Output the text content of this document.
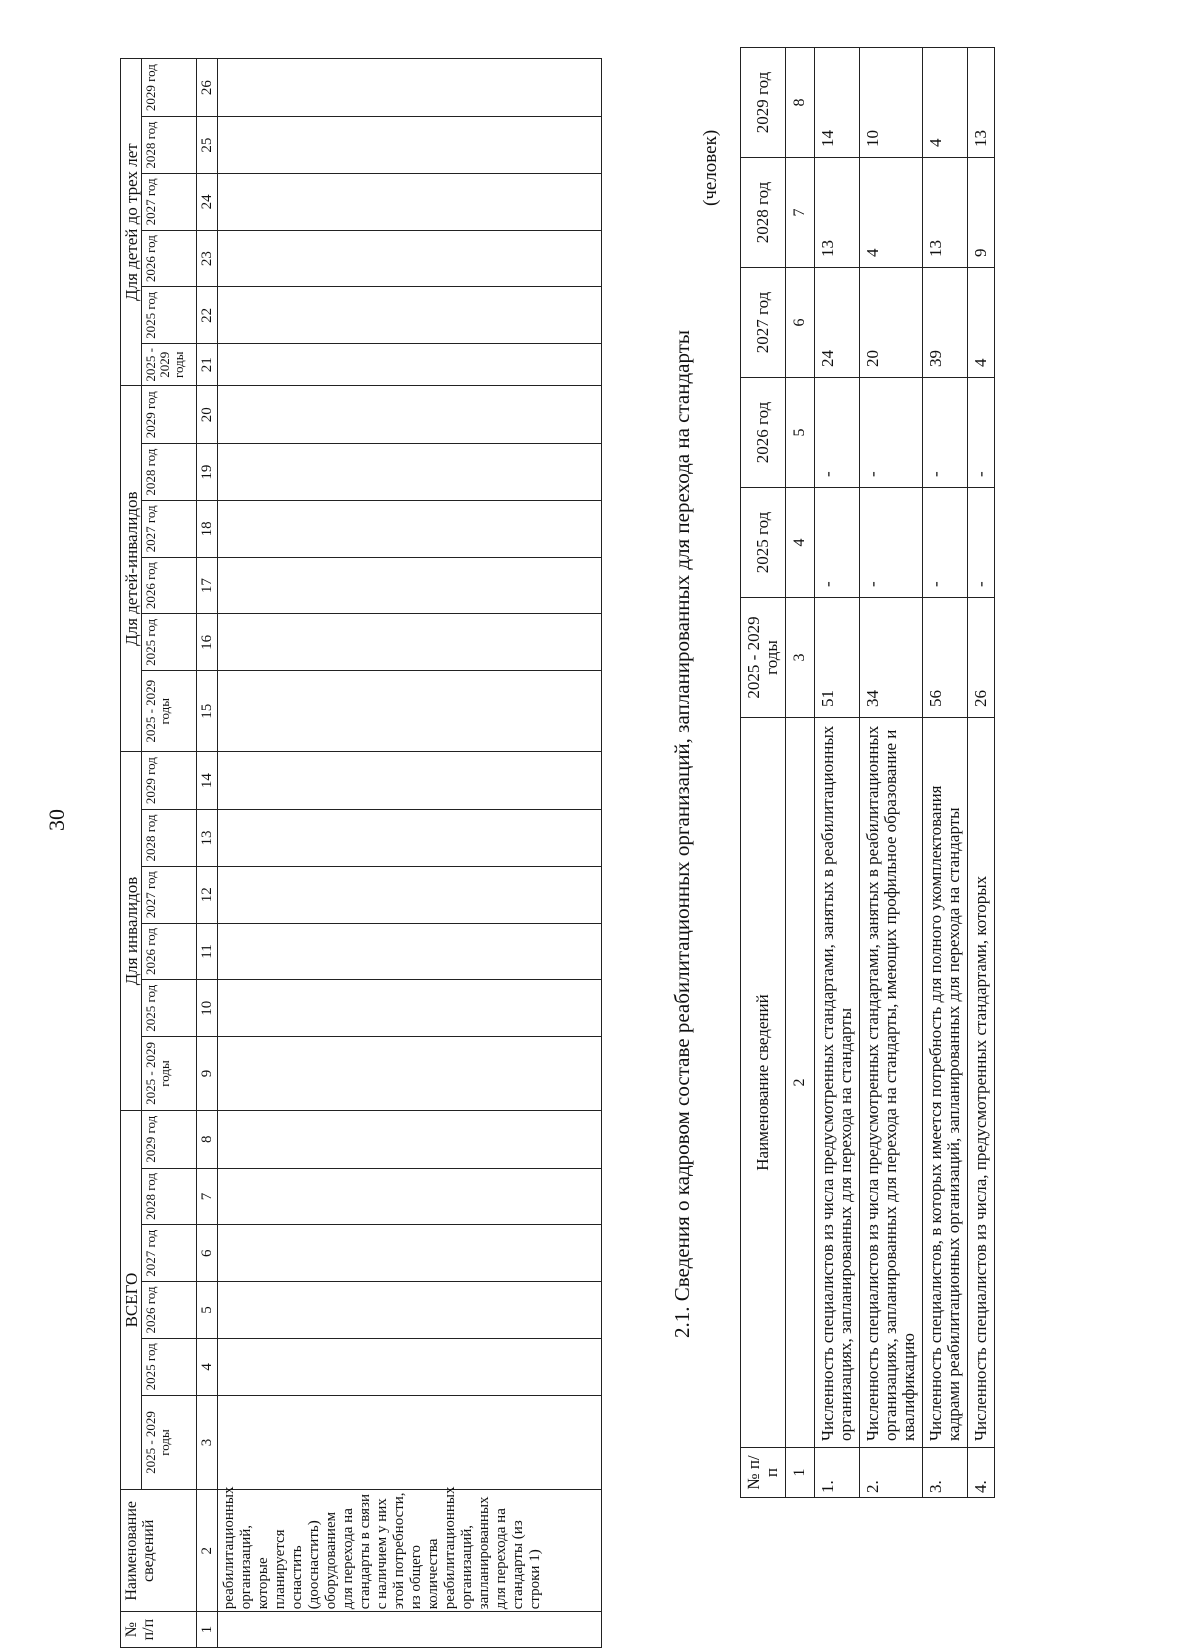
30
№ п/п	Наименование сведений	ВСЕГО						Для инвалидов						Для детей-инвалидов						Для детей до трех лет					
		2025 - 2029 годы	2025 год	2026 год	2027 год	2028 год	2029 год	2025 - 2029 годы	2025 год	2026 год	2027 год	2028 год	2029 год	2025 - 2029 годы	2025 год	2026 год	2027 год	2028 год	2029 год	2025 - 2029 годы	2025 год	2026 год	2027 год	2028 год	2029 год
1	2	3	4	5	6	7	8	9	10	11	12	13	14	15	16	17	18	19	20	21	22	23	24	25	26
	реабилитационных организаций, которые планируется оснастить (дооснастить) оборудованием для перехода на стандарты в связи с наличием у них этой потребности, из общего количества реабилитационных организаций, запланированных для перехода на стандарты (из строки 1)																								
2.1. Сведения о кадровом составе реабилитационных организаций, запланированных для перехода на стандарты
(человек)
№ п/п	Наименование сведений	2025 - 2029 годы	2025 год	2026 год	2027 год	2028 год	2029 год
1	2	3	4	5	6	7	8
1.	Численность специалистов из числа предусмотренных стандартами, занятых в реабилитационных организациях, запланированных для перехода на стандарты	51	-	-	24	13	14
2.	Численность специалистов из числа предусмотренных стандартами, занятых в реабилитационных организациях, запланированных для перехода на стандарты, имеющих профильное образование и квалификацию	34	-	-	20	4	10
3.	Численность специалистов, в которых имеется потребность для полного укомплектования кадрами реабилитационных организаций, запланированных для перехода на стандарты	56	-	-	39	13	4
4.	Численность специалистов из числа, предусмотренных стандартами, которых	26	-	-	4	9	13
